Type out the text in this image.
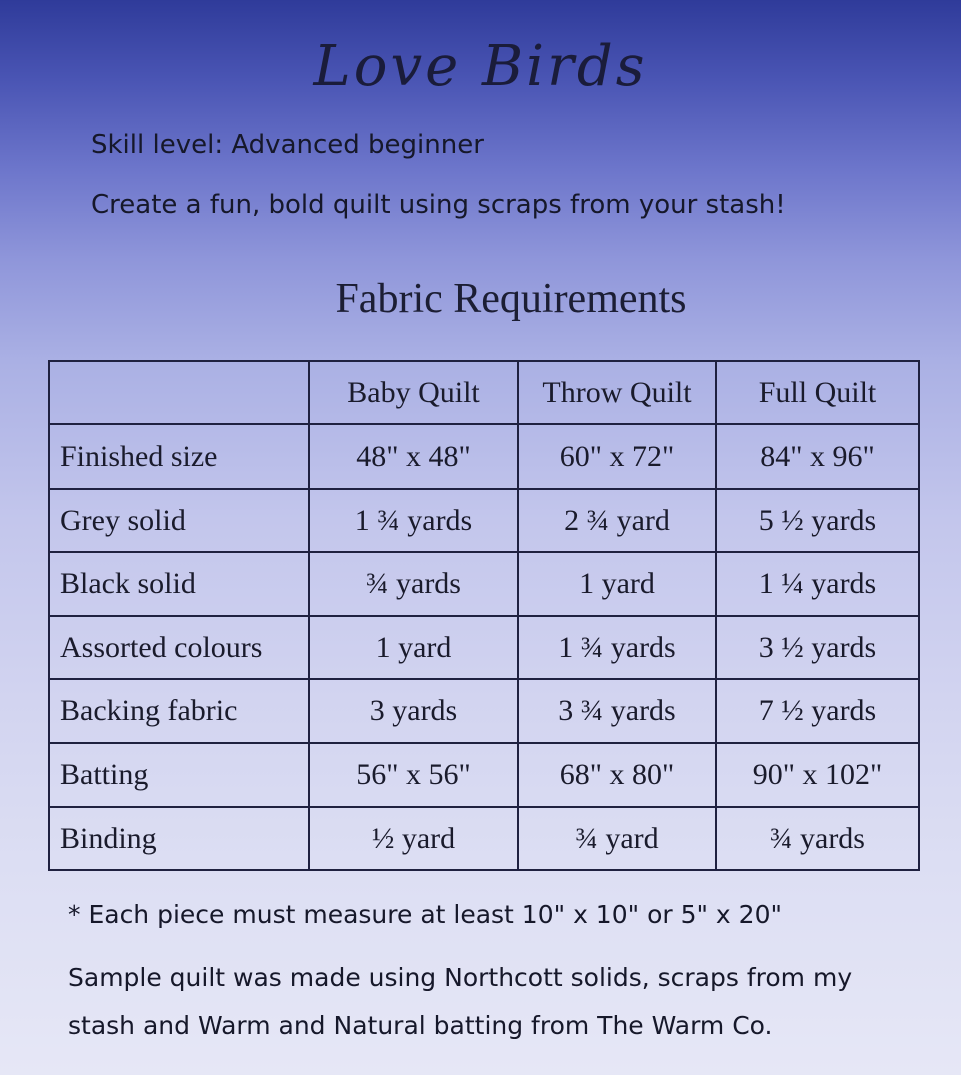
Love Birds
Skill level: Advanced beginner
Create a fun, bold quilt using scraps from your stash!
Fabric Requirements
	Baby Quilt	Throw Quilt	Full Quilt
Finished size	48" x 48"	60" x 72"	84" x 96"
Grey solid	1 ¾ yards	2 ¾ yard	5 ½ yards
Black solid	¾ yards	1 yard	1 ¼ yards
Assorted colours	1 yard	1 ¾ yards	3 ½ yards
Backing fabric	3 yards	3 ¾ yards	7 ½ yards
Batting	56" x 56"	68" x 80"	90" x 102"
Binding	½ yard	¾ yard	¾ yards
* Each piece must measure at least 10" x 10" or 5" x 20"
Sample quilt was made using Northcott solids, scraps from my
stash and Warm and Natural batting from The Warm Co.
